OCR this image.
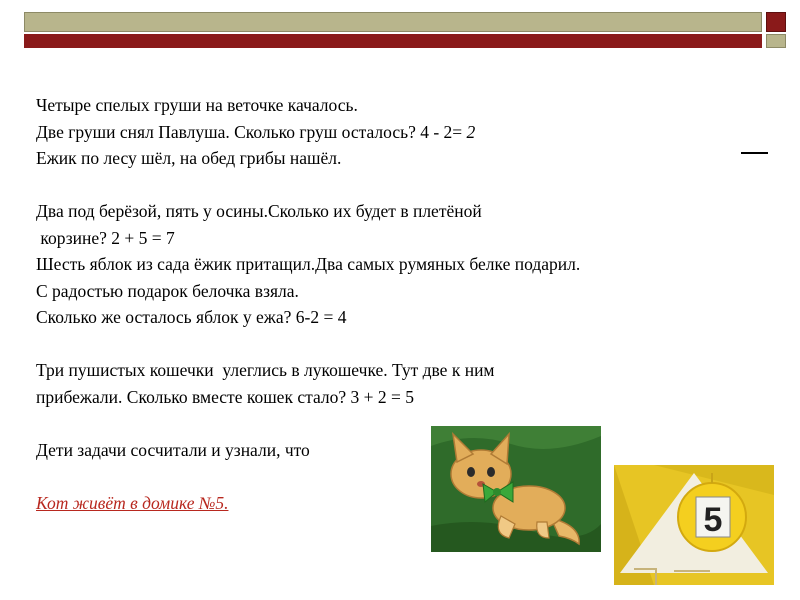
Четыре спелых груши на веточке качалось.
Две груши снял Павлуша. Сколько груш осталось? 4 - 2= 2
Ежик по лесу шёл, на обед грибы нашёл.
Два под берёзой, пять у осины.Сколько их будет в плетёной
корзине? 2 + 5 = 7
Шесть яблок из сада ёжик притащил.Два самых румяных белке подарил.
С радостью подарок белочка взяла.
Сколько же осталось яблок у ежа? 6-2 = 4
Три пушистых кошечки  улеглись в лукошечке. Тут две к ним
прибежали. Сколько вместе кошек стало? 3 + 2 = 5
Дети задачи сосчитали и узнали, что
Кот живёт в домике №5.	5
